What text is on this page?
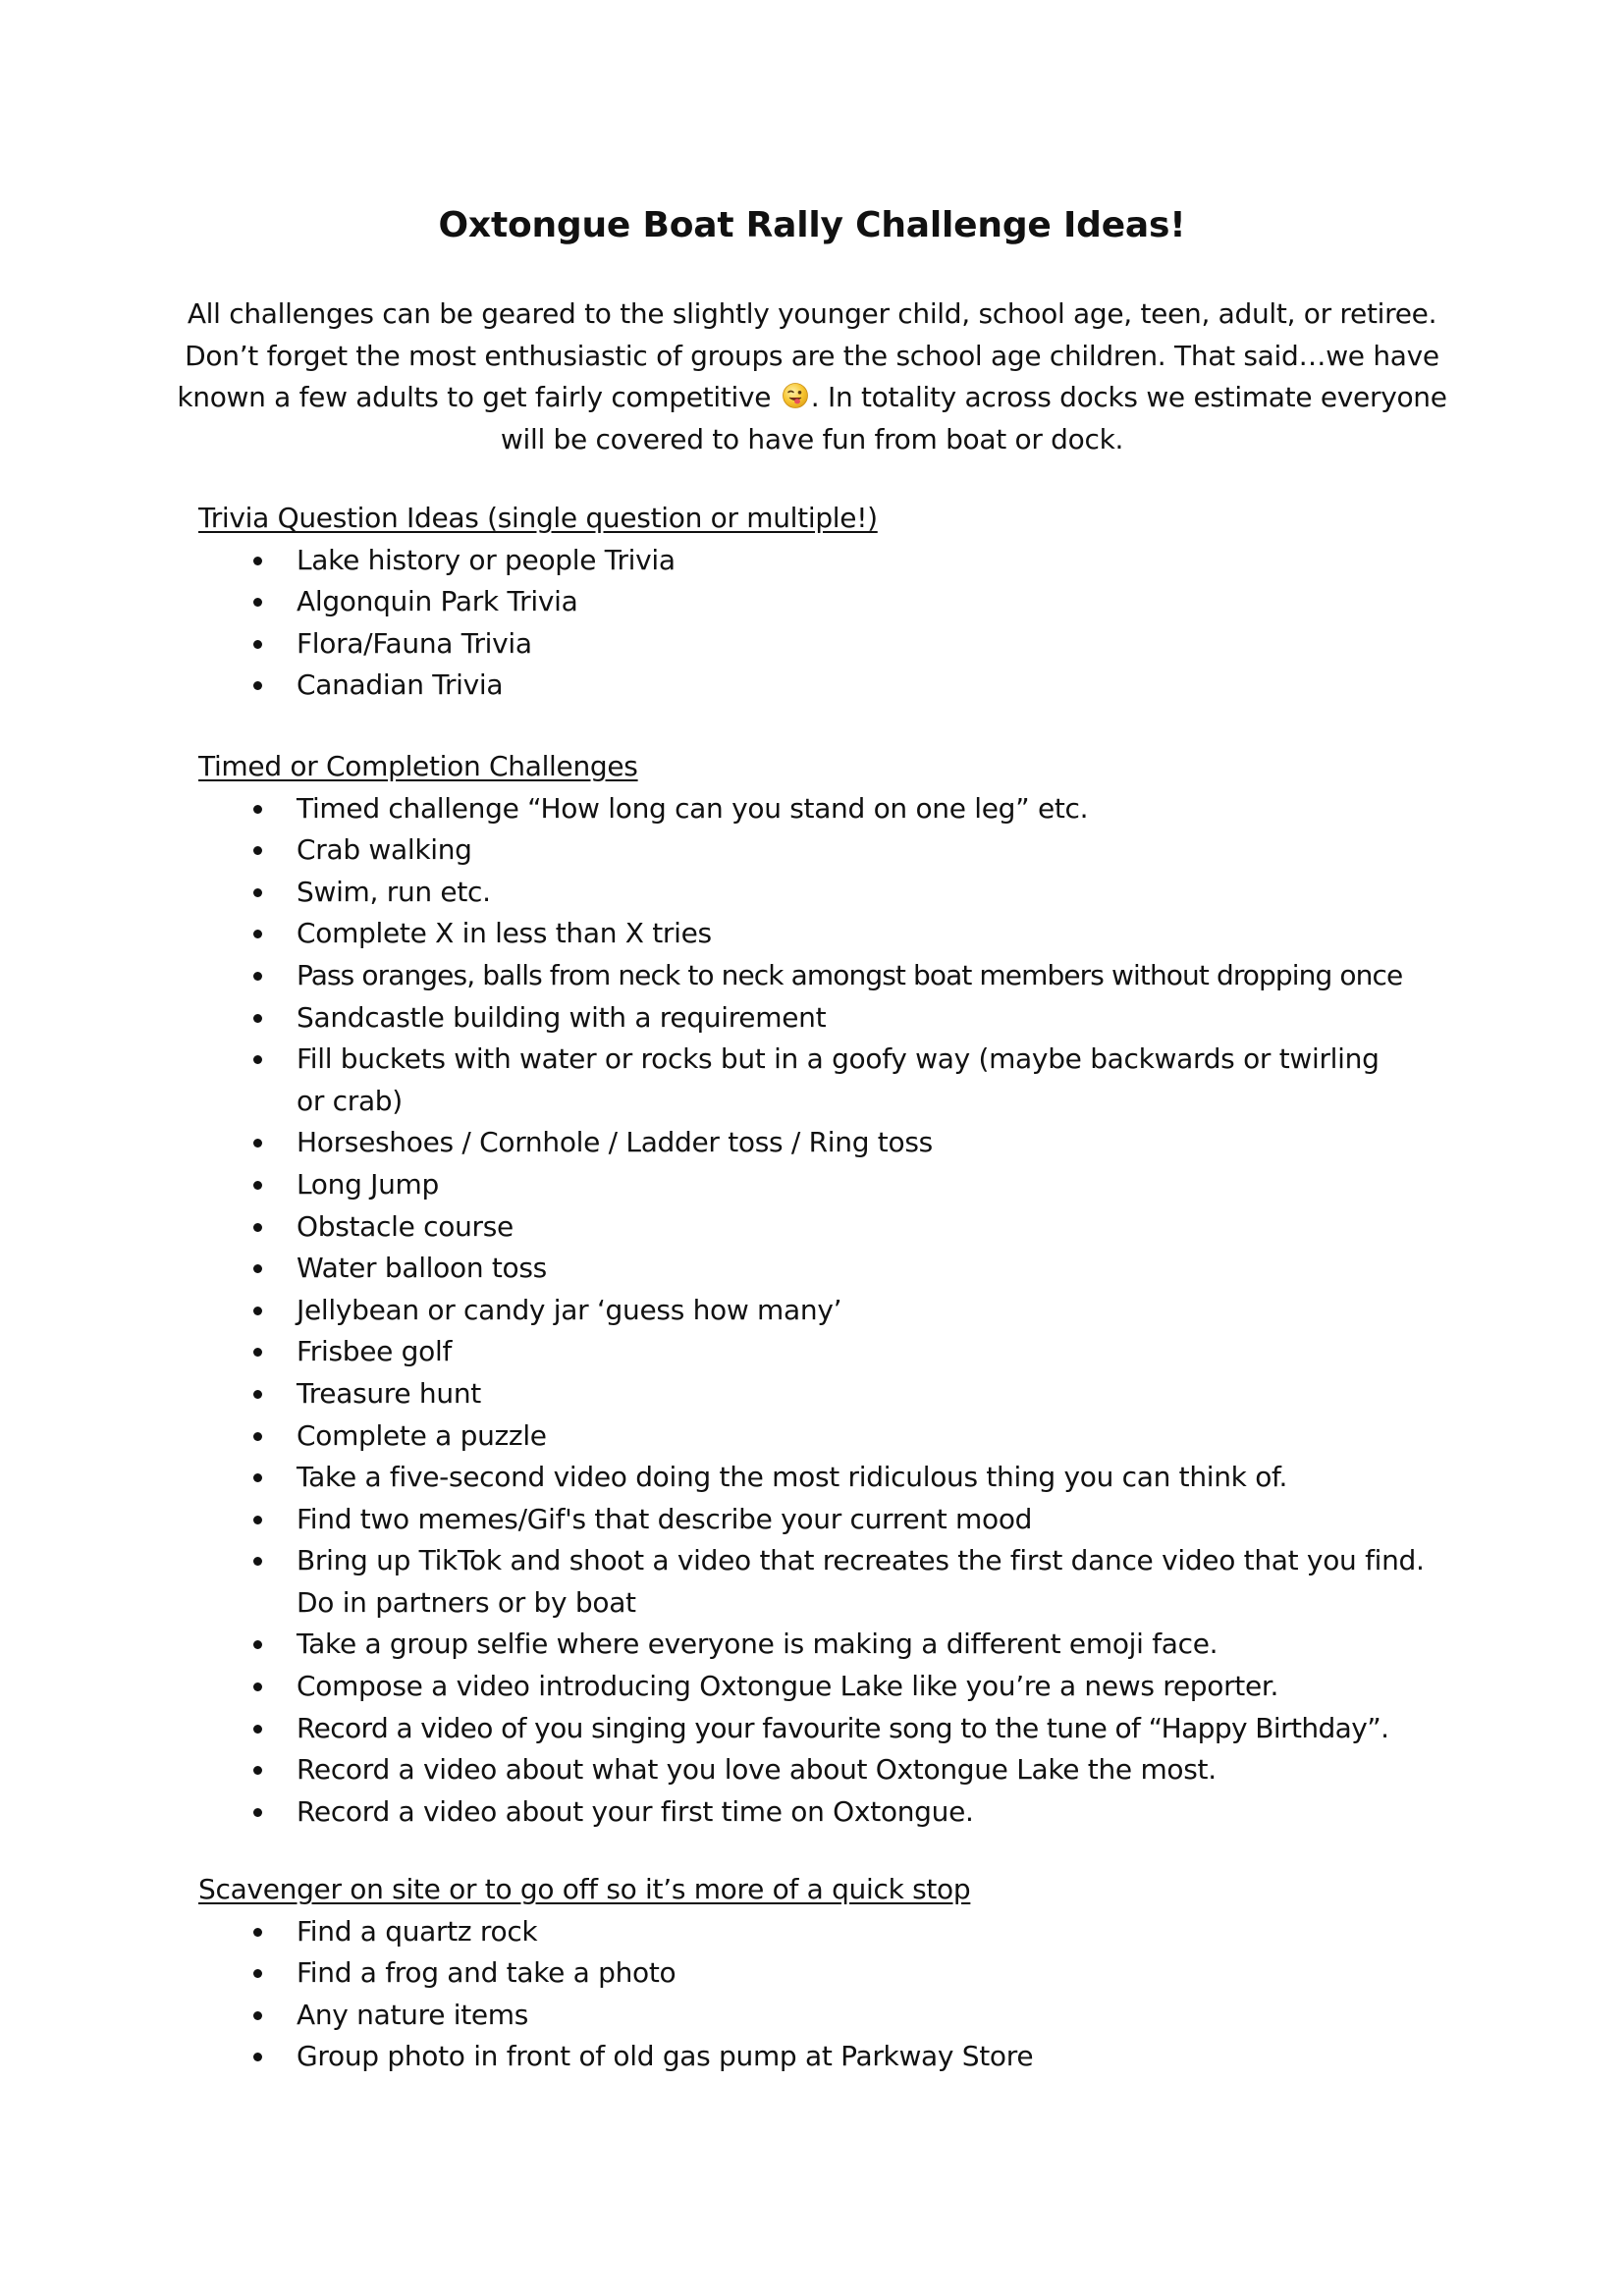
Oxtongue Boat Rally Challenge Ideas!

All challenges can be geared to the slightly younger child, school age, teen, adult, or retiree. Don’t forget the most enthusiastic of groups are the school age children. That said…we have known a few adults to get fairly competitive . In totality across docks we estimate everyone will be covered to have fun from boat or dock.

Trivia Question Ideas (single question or multiple!)

Lake history or people Trivia
Algonquin Park Trivia
Flora/Fauna Trivia
Canadian Trivia

Timed or Completion Challenges

Timed challenge “How long can you stand on one leg” etc.
Crab walking
Swim, run etc.
Complete X in less than X tries
Pass oranges, balls from neck to neck amongst boat members without dropping once
Sandcastle building with a requirement
Fill buckets with water or rocks but in a goofy way (maybe backwards or twirling or crab)
Horseshoes / Cornhole / Ladder toss / Ring toss
Long Jump
Obstacle course
Water balloon toss
Jellybean or candy jar ‘guess how many’
Frisbee golf
Treasure hunt
Complete a puzzle
Take a five-second video doing the most ridiculous thing you can think of.
Find two memes/Gif's that describe your current mood
Bring up TikTok and shoot a video that recreates the first dance video that you find. Do in partners or by boat
Take a group selfie where everyone is making a different emoji face.
Compose a video introducing Oxtongue Lake like you’re a news reporter.
Record a video of you singing your favourite song to the tune of “Happy Birthday”.
Record a video about what you love about Oxtongue Lake the most.
Record a video about your first time on Oxtongue.

Scavenger on site or to go off so it’s more of a quick stop

Find a quartz rock
Find a frog and take a photo
Any nature items
Group photo in front of old gas pump at Parkway Store
